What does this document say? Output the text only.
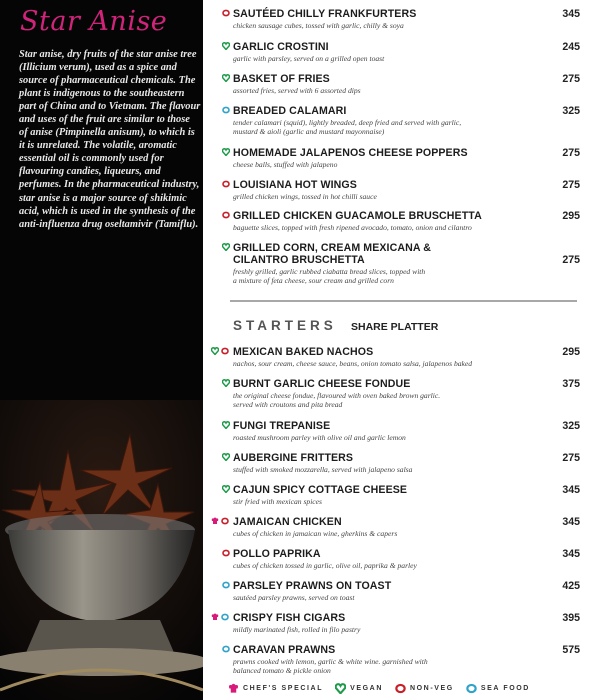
Star Anise
Star anise, dry fruits of the star anise tree (Illicium verum), used as a spice and source of pharmaceutical chemicals. The plant is indigenous to the southeastern part of China and to Vietnam. The flavour and uses of the fruit are similar to those of anise (Pimpinella anisum), to which is it is unrelated. The volatile, aromatic essential oil is commonly used for flavouring candies, liqueurs, and perfumes. In the pharmaceutical industry, star anise is a major source of shikimic acid, which is used in the synthesis of the anti-influenza drug oseltamivir (Tamiflu).
SAUTÉED CHILLY FRANKFURTERS
chicken sausage cubes, tossed with garlic, chilly & soya
345
GARLIC CROSTINI
garlic with parsley, served on a grilled open toast
245
BASKET OF FRIES
assorted fries, served with 6 assorted dips
275
BREADED CALAMARI
tender calamari (squid), lightly breaded, deep fried and served with garlic,
mustard & aioli (garlic and mustard mayonnaise)
325
HOMEMADE JALAPENOS CHEESE POPPERS
cheese balls, stuffed with jalapeno
275
LOUISIANA HOT WINGS
grilled chicken wings, tossed in hot chilli sauce
275
GRILLED CHICKEN GUACAMOLE BRUSCHETTA
baguette slices, topped with fresh ripened avocado, tomato, onion and cilantro
295
GRILLED CORN, CREAM MEXICANA &
CILANTRO BRUSCHETTA
freshly grilled, garlic rubbed ciabatta bread slices, topped with
a mixture of feta cheese, sour cream and grilled corn
275
MEXICAN BAKED NACHOS
nachos, sour cream, cheese sauce, beans, onion tomato salsa, jalapenos baked
295
BURNT GARLIC CHEESE FONDUE
the original cheese fondue, flavoured with oven baked brown garlic.
served with croutons and pita bread
375
FUNGI TREPANISE
roasted mushroom parley with olive oil and garlic lemon
325
AUBERGINE FRITTERS
stuffed with smoked mozzarella, served with jalapeno salsa
275
CAJUN SPICY COTTAGE CHEESE
stir fried with mexican spices
345
JAMAICAN CHICKEN
cubes of chicken in jamaican wine, gherkins & capers
345
POLLO PAPRIKA
cubes of chicken tossed in garlic, olive oil, paprika & parley
345
PARSLEY PRAWNS ON TOAST
sautéed parsley prawns, served on toast
425
CRISPY FISH CIGARS
mildly marinated fish, rolled in filo pastry
395
CARAVAN PRAWNS
prawns cooked with lemon, garlic & white wine. garnished with
balanced tomato & pickle onion
575
STARTERS SHARE PLATTER
CHEF'S SPECIAL	VEGAN	NON-VEG	SEA FOOD
